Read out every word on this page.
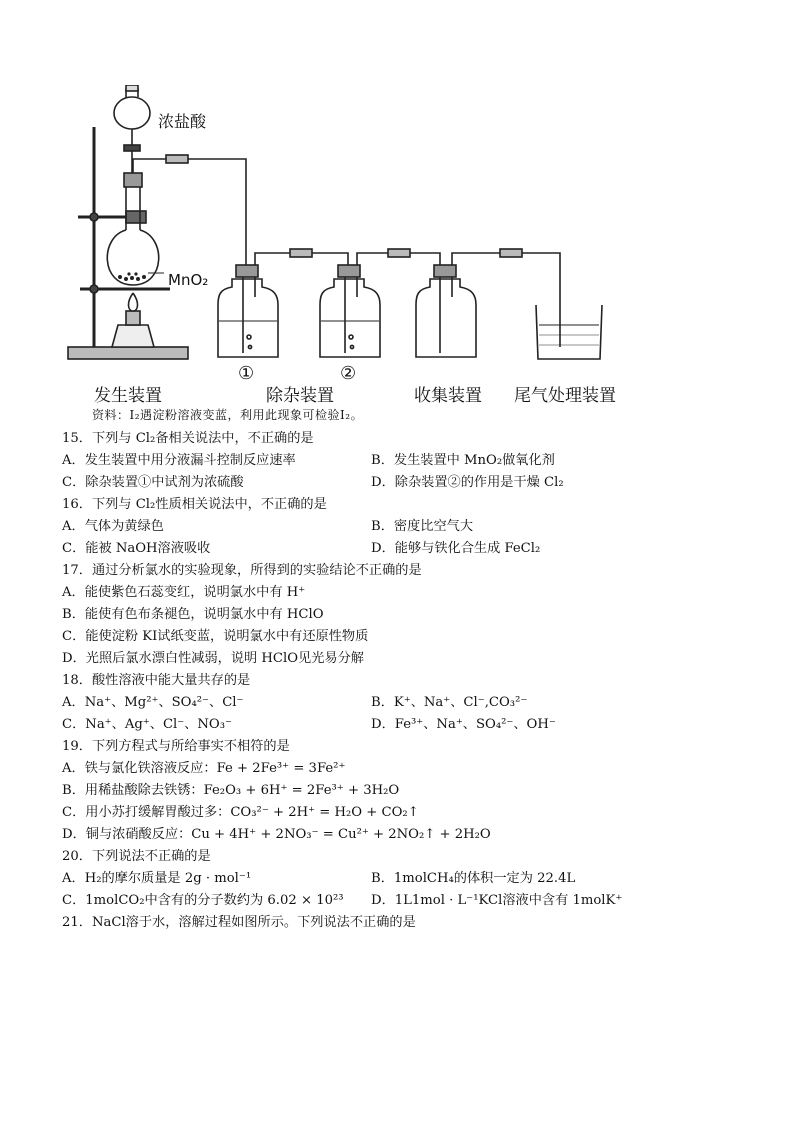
浓盐酸
MnO₂
①	②
发生装置	除杂装置	收集装置 尾气处理装置
资料：I₂遇淀粉溶液变蓝，利用此现象可检验I₂。
15．下列与 Cl₂备相关说法中，不正确的是
A．发生装置中用分液漏斗控制反应速率	B．发生装置中 MnO₂做氧化剂
C．除杂装置①中试剂为浓硫酸	D．除杂装置②的作用是干燥 Cl₂
16．下列与 Cl₂性质相关说法中，不正确的是
A．气体为黄绿色	B．密度比空气大
C．能被 NaOH溶液吸收	D．能够与铁化合生成 FeCl₂
17．通过分析氯水的实验现象，所得到的实验结论不正确的是
A．能使紫色石蕊变红，说明氯水中有 H⁺
B．能使有色布条褪色，说明氯水中有 HClO
C．能使淀粉 KI试纸变蓝，说明氯水中有还原性物质
D．光照后氯水漂白性减弱，说明 HClO见光易分解
18．酸性溶液中能大量共存的是
A．Na⁺、Mg²⁺、SO₄²⁻、Cl⁻	B．K⁺、Na⁺、Cl⁻,CO₃²⁻
C．Na⁺、Ag⁺、Cl⁻、NO₃⁻	D．Fe³⁺、Na⁺、SO₄²⁻、OH⁻
19．下列方程式与所给事实不相符的是
A．铁与氯化铁溶液反应：Fe + 2Fe³⁺ = 3Fe²⁺
B．用稀盐酸除去铁锈：Fe₂O₃ + 6H⁺ = 2Fe³⁺ + 3H₂O
C．用小苏打缓解胃酸过多：CO₃²⁻ + 2H⁺ = H₂O + CO₂↑
D．铜与浓硝酸反应：Cu + 4H⁺ + 2NO₃⁻ = Cu²⁺ + 2NO₂↑ + 2H₂O
20．下列说法不正确的是
A．H₂的摩尔质量是 2g · mol⁻¹	B．1molCH₄的体积一定为 22.4L
C．1molCO₂中含有的分子数约为 6.02 × 10²³ D．1L1mol · L⁻¹KCl溶液中含有 1molK⁺
21．NaCl溶于水，溶解过程如图所示。下列说法不正确的是
